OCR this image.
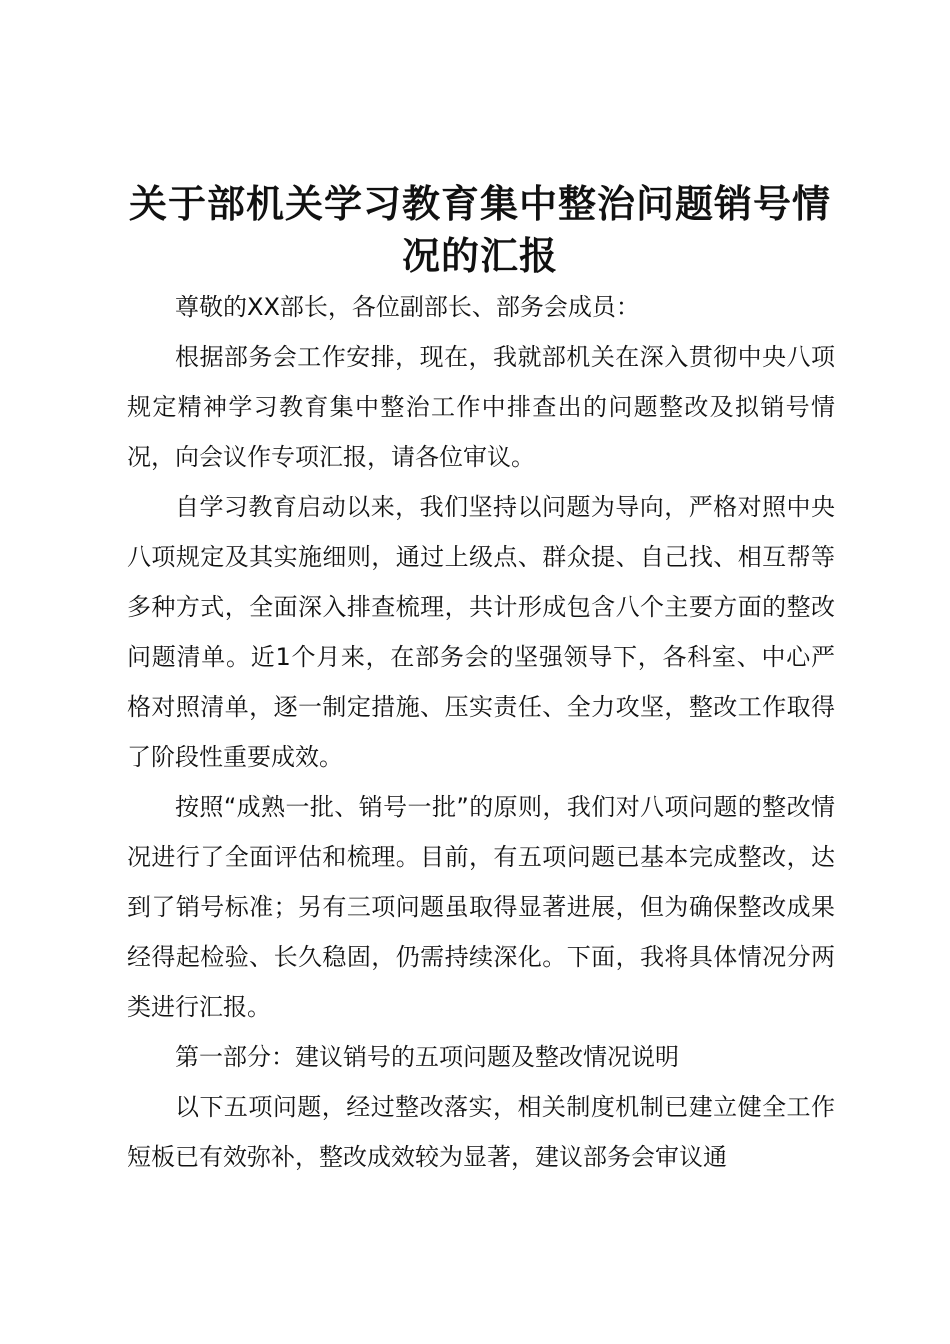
关于部机关学习教育集中整治问题销号情况的汇报

尊敬的XX部长，各位副部长、部务会成员：

根据部务会工作安排，现在，我就部机关在深入贯彻中央八项规定精神学习教育集中整治工作中排查出的问题整改及拟销号情况，向会议作专项汇报，请各位审议。

自学习教育启动以来，我们坚持以问题为导向，严格对照中央八项规定及其实施细则，通过上级点、群众提、自己找、相互帮等多种方式，全面深入排查梳理，共计形成包含八个主要方面的整改问题清单。近1个月来，在部务会的坚强领导下，各科室、中心严格对照清单，逐一制定措施、压实责任、全力攻坚，整改工作取得了阶段性重要成效。

按照“成熟一批、销号一批”的原则，我们对八项问题的整改情况进行了全面评估和梳理。目前，有五项问题已基本完成整改，达到了销号标准；另有三项问题虽取得显著进展，但为确保整改成果经得起检验、长久稳固，仍需持续深化。下面，我将具体情况分两类进行汇报。

第一部分：建议销号的五项问题及整改情况说明

以下五项问题，经过整改落实，相关制度机制已建立健全工作短板已有效弥补，整改成效较为显著，建议部务会审议通
